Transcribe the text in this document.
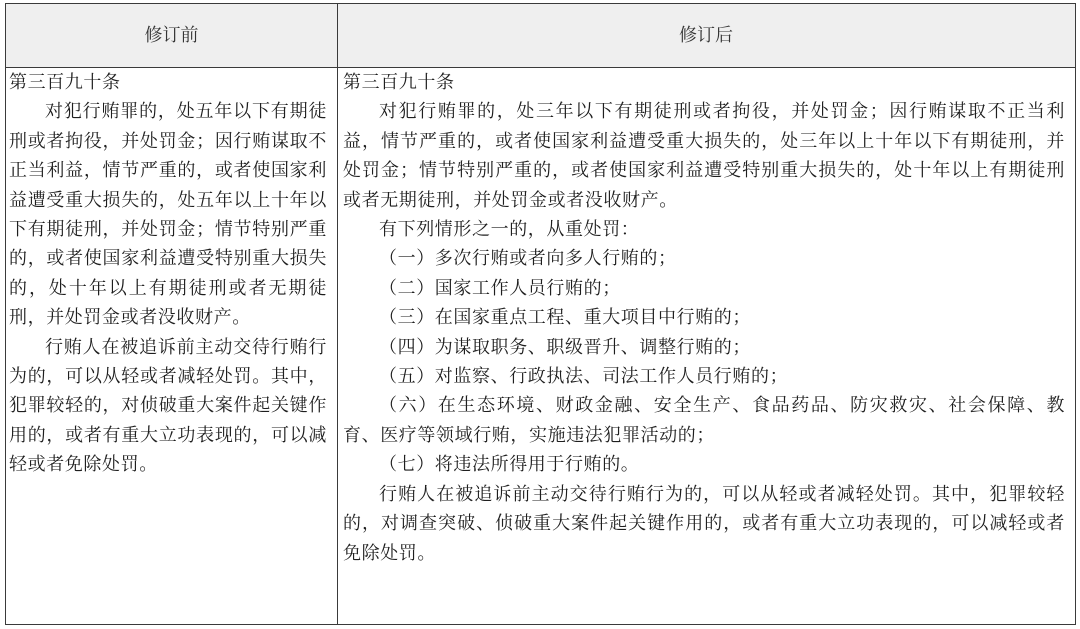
修订前	修订后

第三百九十条

对犯行贿罪的，处五年以下有期徒刑或者拘役，并处罚金；因行贿谋取不正当利益，情节严重的，或者使国家利益遭受重大损失的，处五年以上十年以下有期徒刑，并处罚金；情节特别严重的，或者使国家利益遭受特别重大损失的，处十年以上有期徒刑或者无期徒刑，并处罚金或者没收财产。

行贿人在被追诉前主动交待行贿行为的，可以从轻或者减轻处罚。其中，犯罪较轻的，对侦破重大案件起关键作用的，或者有重大立功表现的，可以减轻或者免除处罚。

第三百九十条

对犯行贿罪的，处三年以下有期徒刑或者拘役，并处罚金；因行贿谋取不正当利益，情节严重的，或者使国家利益遭受重大损失的，处三年以上十年以下有期徒刑，并处罚金；情节特别严重的，或者使国家利益遭受特别重大损失的，处十年以上有期徒刑或者无期徒刑，并处罚金或者没收财产。

有下列情形之一的，从重处罚：

（一）多次行贿或者向多人行贿的；

（二）国家工作人员行贿的；

（三）在国家重点工程、重大项目中行贿的；

（四）为谋取职务、职级晋升、调整行贿的；

（五）对监察、行政执法、司法工作人员行贿的；

（六）在生态环境、财政金融、安全生产、食品药品、防灾救灾、社会保障、教育、医疗等领域行贿，实施违法犯罪活动的；

（七）将违法所得用于行贿的。

行贿人在被追诉前主动交待行贿行为的，可以从轻或者减轻处罚。其中，犯罪较轻的，对调查突破、侦破重大案件起关键作用的，或者有重大立功表现的，可以减轻或者免除处罚。
